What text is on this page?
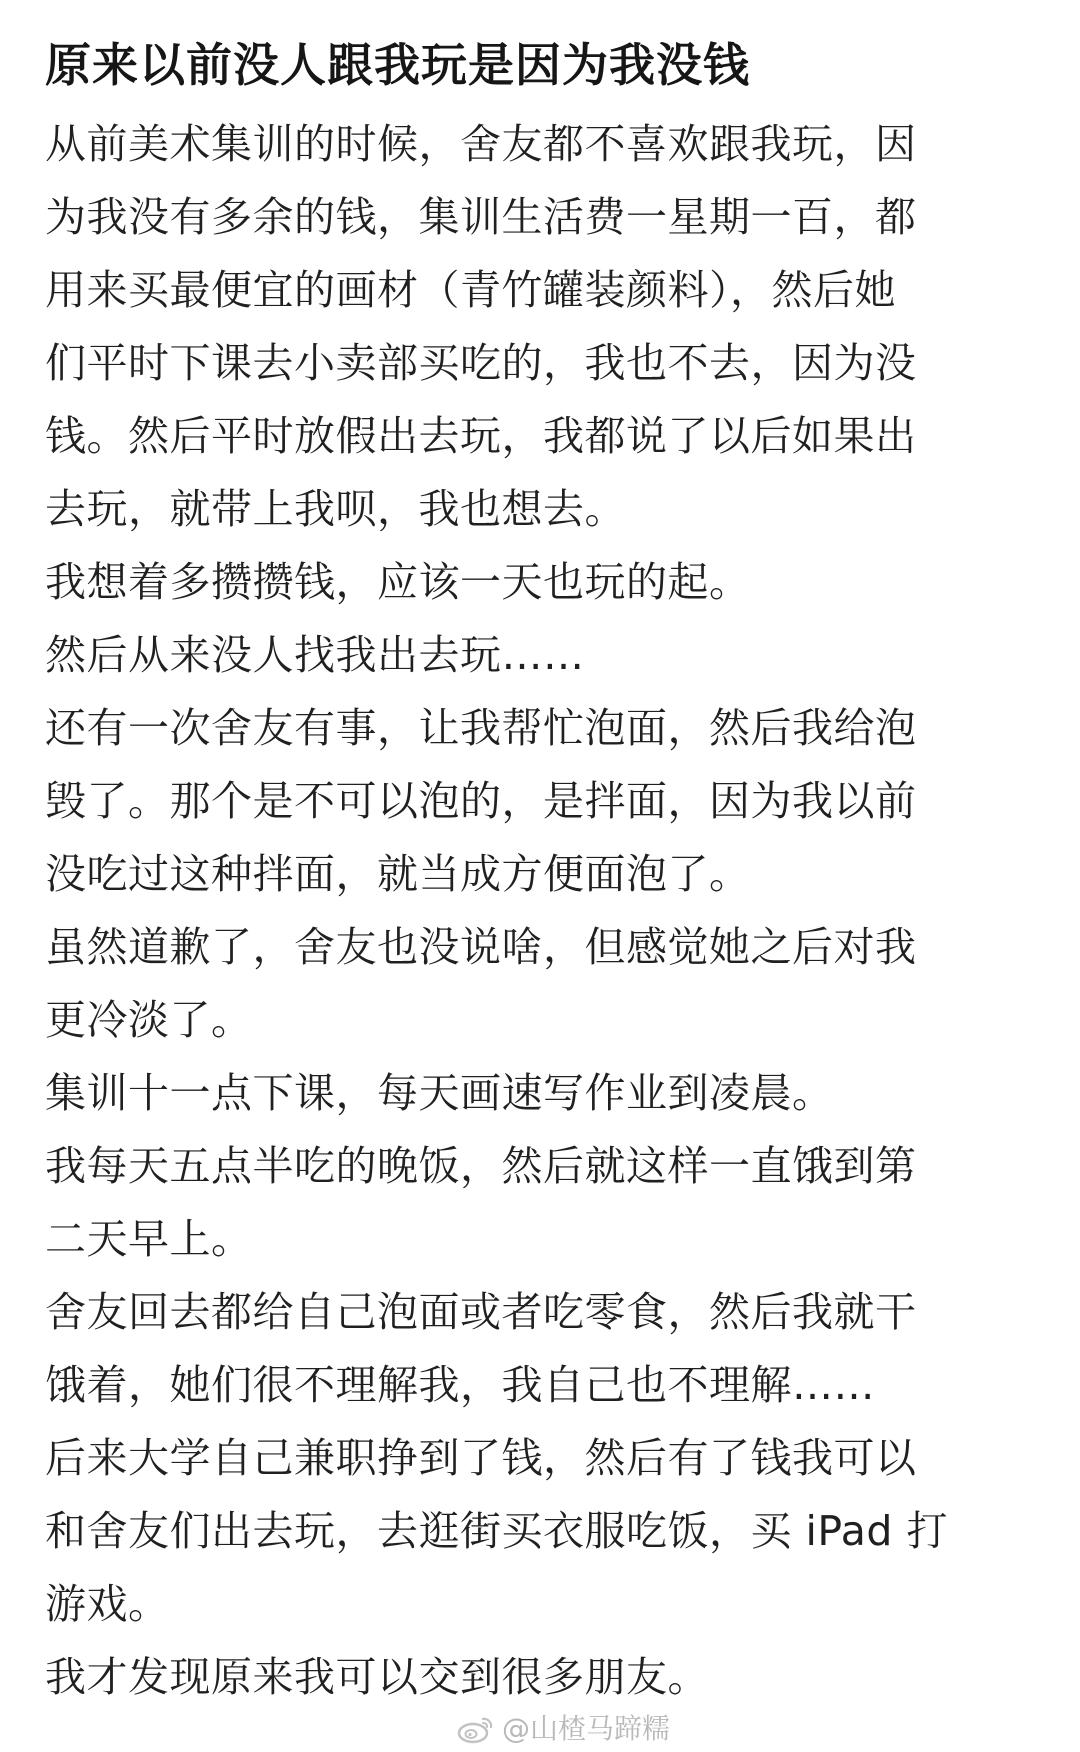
原来以前没人跟我玩是因为我没钱

从前美术集训的时候，舍友都不喜欢跟我玩，因

为我没有多余的钱，集训生活费一星期一百，都

用来买最便宜的画材（青竹罐装颜料），然后她

们平时下课去小卖部买吃的，我也不去，因为没

钱。然后平时放假出去玩，我都说了以后如果出

去玩，就带上我呗，我也想去。

我想着多攒攒钱，应该一天也玩的起。

然后从来没人找我出去玩……

还有一次舍友有事，让我帮忙泡面，然后我给泡

毁了。那个是不可以泡的，是拌面，因为我以前

没吃过这种拌面，就当成方便面泡了。

虽然道歉了，舍友也没说啥，但感觉她之后对我

更冷淡了。

集训十一点下课，每天画速写作业到凌晨。

我每天五点半吃的晚饭，然后就这样一直饿到第

二天早上。

舍友回去都给自己泡面或者吃零食，然后我就干

饿着，她们很不理解我，我自己也不理解……

后来大学自己兼职挣到了钱，然后有了钱我可以

和舍友们出去玩，去逛街买衣服吃饭，买 iPad 打

游戏。

我才发现原来我可以交到很多朋友。

@山楂马蹄糯
